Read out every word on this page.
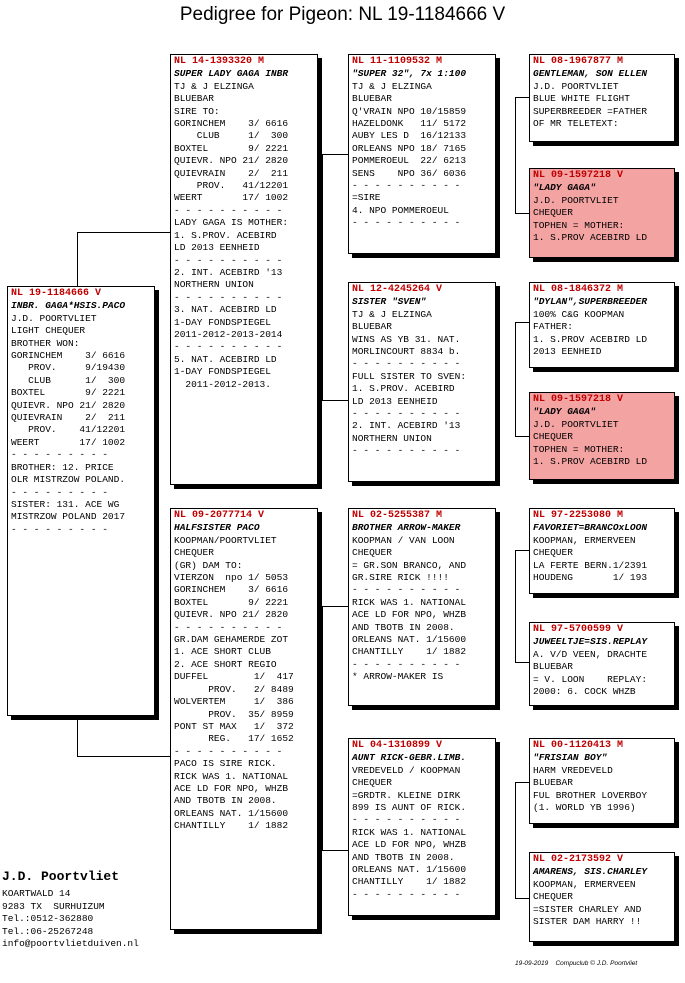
Pedigree for Pigeon: NL 19-1184666 V
NL 19-1184666 V
INBR. GAGA*HSIS.PACO
J.D. POORTVLIET
LIGHT CHEQUER
BROTHER WON:
GORINCHEM    3/ 6616
PROV.     9/19430
CLUB      1/  300
BOXTEL       9/ 2221
QUIEVR. NPO 21/ 2820
QUIEVRAIN    2/  211
PROV.    41/12201
WEERT       17/ 1002
- - - - - - - - -
BROTHER: 12. PRICE
OLR MISTRZOW POLAND.
- - - - - - - - -
SISTER: 131. ACE WG
MISTRZOW POLAND 2017
- - - - - - - - -
NL 14-1393320 M
SUPER LADY GAGA INBR
TJ & J ELZINGA
BLUEBAR
SIRE TO:
GORINCHEM    3/ 6616
CLUB     1/  300
BOXTEL       9/ 2221
QUIEVR. NPO 21/ 2820
QUIEVRAIN    2/  211
PROV.   41/12201
WEERT       17/ 1002
- - - - - - - - - -
LADY GAGA IS MOTHER:
1. S.PROV. ACEBIRD
LD 2013 EENHEID
- - - - - - - - - -
2. INT. ACEBIRD '13
NORTHERN UNION
- - - - - - - - - -
3. NAT. ACEBIRD LD
1-DAY FONDSPIEGEL
2011-2012-2013-2014
- - - - - - - - - -
5. NAT. ACEBIRD LD
1-DAY FONDSPIEGEL
2011-2012-2013.
NL 09-2077714 V
HALFSISTER PACO
KOOPMAN/POORTVLIET
CHEQUER
(GR) DAM TO:
VIERZON  npo 1/ 5053
GORINCHEM    3/ 6616
BOXTEL       9/ 2221
QUIEVR. NPO 21/ 2820
- - - - - - - - - -
GR.DAM GEHAMERDE ZOT
1. ACE SHORT CLUB
2. ACE SHORT REGIO
DUFFEL        1/  417
PROV.   2/ 8489
WOLVERTEM     1/  386
PROV.  35/ 8959
PONT ST MAX   1/  372
REG.   17/ 1652
- - - - - - - - - -
PACO IS SIRE RICK.
RICK WAS 1. NATIONAL
ACE LD FOR NPO, WHZB
AND TBOTB IN 2008.
ORLEANS NAT. 1/15600
CHANTILLY    1/ 1882
NL 11-1109532 M
"SUPER 32", 7x 1:100
TJ & J ELZINGA
BLUEBAR
Q'VRAIN NPO 10/15859
HAZELDONK   11/ 5172
AUBY LES D  16/12133
ORLEANS NPO 18/ 7165
POMMEROEUL  22/ 6213
SENS    NPO 36/ 6036
- - - - - - - - - -
=SIRE
4. NPO POMMEROEUL
- - - - - - - - - -
NL 12-4245264 V
SISTER "SVEN"
TJ & J ELZINGA
BLUEBAR
WINS AS YB 31. NAT.
MORLINCOURT 8834 b.
- - - - - - - - - -
FULL SISTER TO SVEN:
1. S.PROV. ACEBIRD
LD 2013 EENHEID
- - - - - - - - - -
2. INT. ACEBIRD '13
NORTHERN UNION
- - - - - - - - - -
NL 02-5255387 M
BROTHER ARROW-MAKER
KOOPMAN / VAN LOON
CHEQUER
= GR.SON BRANCO, AND
GR.SIRE RICK !!!!
- - - - - - - - - -
RICK WAS 1. NATIONAL
ACE LD FOR NPO, WHZB
AND TBOTB IN 2008.
ORLEANS NAT. 1/15600
CHANTILLY    1/ 1882
- - - - - - - - - -
* ARROW-MAKER IS
NL 04-1310899 V
AUNT RICK-GEBR.LIMB.
VREDEVELD / KOOPMAN
CHEQUER
=GRDTR. KLEINE DIRK
899 IS AUNT OF RICK.
- - - - - - - - - -
RICK WAS 1. NATIONAL
ACE LD FOR NPO, WHZB
AND TBOTB IN 2008.
ORLEANS NAT. 1/15600
CHANTILLY    1/ 1882
- - - - - - - - - -
NL 08-1967877 M
GENTLEMAN, SON ELLEN
J.D. POORTVLIET
BLUE WHITE FLIGHT
SUPERBREEDER =FATHER
OF MR TELETEXT:
NL 09-1597218 V
"LADY GAGA"
J.D. POORTVLIET
CHEQUER
TOPHEN = MOTHER:
1. S.PROV ACEBIRD LD
NL 08-1846372 M
"DYLAN",SUPERBREEDER
100% C&G KOOPMAN
FATHER:
1. S.PROV ACEBIRD LD
2013 EENHEID
NL 09-1597218 V
"LADY GAGA"
J.D. POORTVLIET
CHEQUER
TOPHEN = MOTHER:
1. S.PROV ACEBIRD LD
NL 97-2253080 M
FAVORIET=BRANCOxLOON
KOOPMAN, ERMERVEEN
CHEQUER
LA FERTE BERN.1/2391
HOUDENG       1/ 193
NL 97-5700599 V
JUWEELTJE=SIS.REPLAY
A. V/D VEEN, DRACHTE
BLUEBAR
= V. LOON    REPLAY:
2000: 6. COCK WHZB
NL 00-1120413 M
"FRISIAN BOY"
HARM VREDEVELD
BLUEBAR
FUL BROTHER LOVERBOY
(1. WORLD YB 1996)
NL 02-2173592 V
AMARENS, SIS.CHARLEY
KOOPMAN, ERMERVEEN
CHEQUER
=SISTER CHARLEY AND
SISTER DAM HARRY !!
J.D. Poortvliet
KOARTWALD 14
9283 TX  SURHUIZUM
Tel.:0512-362880
Tel.:06-25267248
info@poortvlietduiven.nl
19-09-2019    Compuclub © J.D. Poortvliet
